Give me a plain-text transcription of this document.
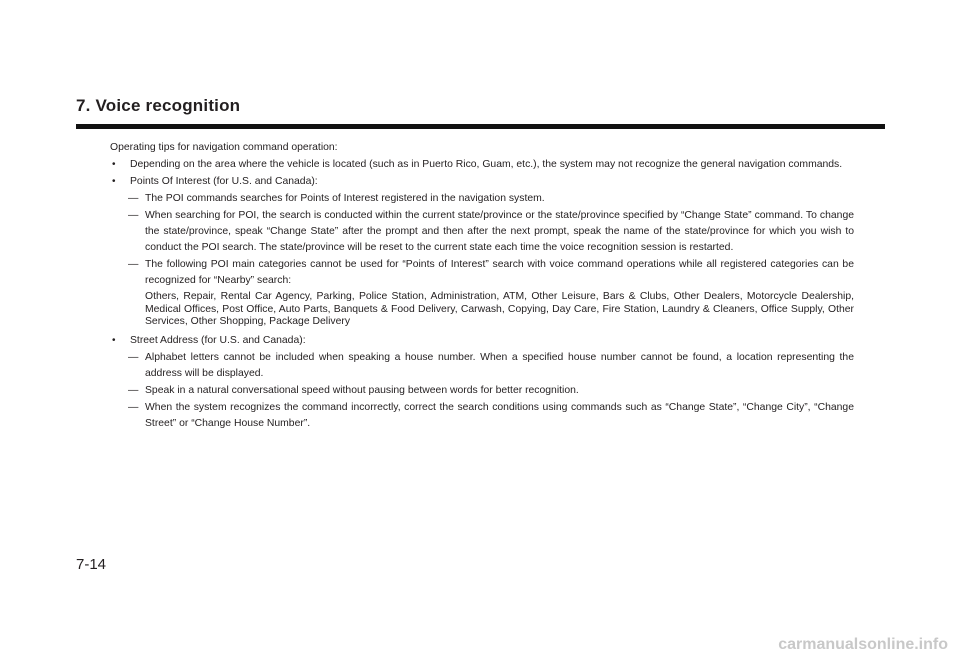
7. Voice recognition
Operating tips for navigation command operation:
• Depending on the area where the vehicle is located (such as in Puerto Rico, Guam, etc.), the system may not recognize the general navigation commands.
• Points Of Interest (for U.S. and Canada):
— The POI commands searches for Points of Interest registered in the navigation system.
— When searching for POI, the search is conducted within the current state/province or the state/province specified by “Change State” command. To change the state/province, speak “Change State” after the prompt and then after the next prompt, speak the name of the state/province for which you wish to conduct the POI search. The state/province will be reset to the current state each time the voice recognition session is restarted.
— The following POI main categories cannot be used for “Points of Interest” search with voice command operations while all registered categories can be recognized for “Nearby” search:
Others, Repair, Rental Car Agency, Parking, Police Station, Administration, ATM, Other Leisure, Bars & Clubs, Other Dealers, Motorcycle Dealership, Medical Offices, Post Office, Auto Parts, Banquets & Food Delivery, Carwash, Copying, Day Care, Fire Station, Laundry & Cleaners, Office Supply, Other Services, Other Shopping, Package Delivery
• Street Address (for U.S. and Canada):
— Alphabet letters cannot be included when speaking a house number. When a specified house number cannot be found, a location representing the address will be displayed.
— Speak in a natural conversational speed without pausing between words for better recognition.
— When the system recognizes the command incorrectly, correct the search conditions using commands such as “Change State”, “Change City”, “Change Street” or “Change House Number”.
7-14
carmanualsonline.info
